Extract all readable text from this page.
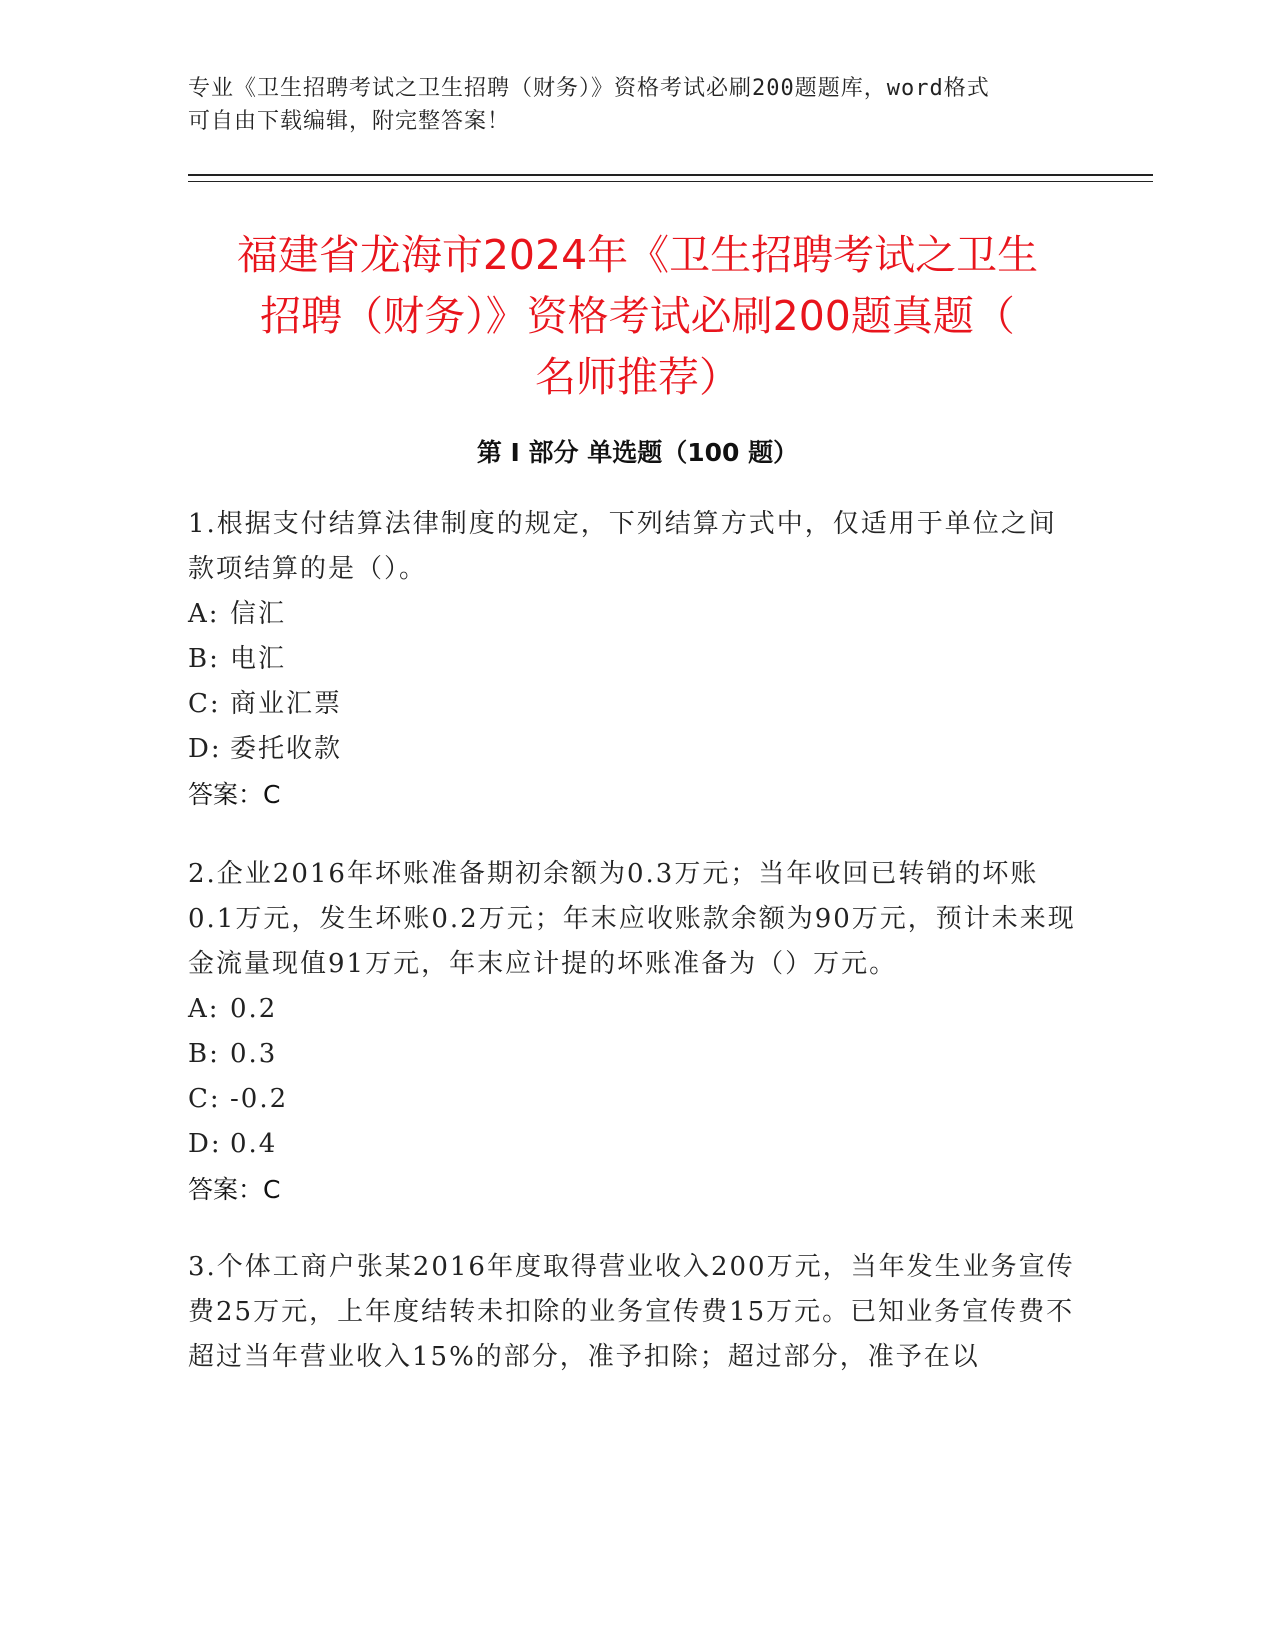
专业《卫生招聘考试之卫生招聘（财务）》资格考试必刷200题题库，word格式
可自由下载编辑，附完整答案！
福建省龙海市2024年《卫生招聘考试之卫生
招聘（财务）》资格考试必刷200题真题（
名师推荐）
第 I 部分 单选题（100 题）

1.根据支付结算法律制度的规定，下列结算方式中，仅适用于单位之间款项结算的是（）。

A: 信汇
B: 电汇
C: 商业汇票
D: 委托收款
答案：C

2.企业2016年坏账准备期初余额为0.3万元；当年收回已转销的坏账0.1万元，发生坏账0.2万元；年末应收账款余额为90万元，预计未来现金流量现值91万元，年末应计提的坏账准备为（）万元。

A: 0.2
B: 0.3
C: -0.2
D: 0.4
答案：C

3.个体工商户张某2016年度取得营业收入200万元，当年发生业务宣传费25万元，上年度结转未扣除的业务宣传费15万元。已知业务宣传费不超过当年营业收入15%的部分，准予扣除；超过部分，准予在以
